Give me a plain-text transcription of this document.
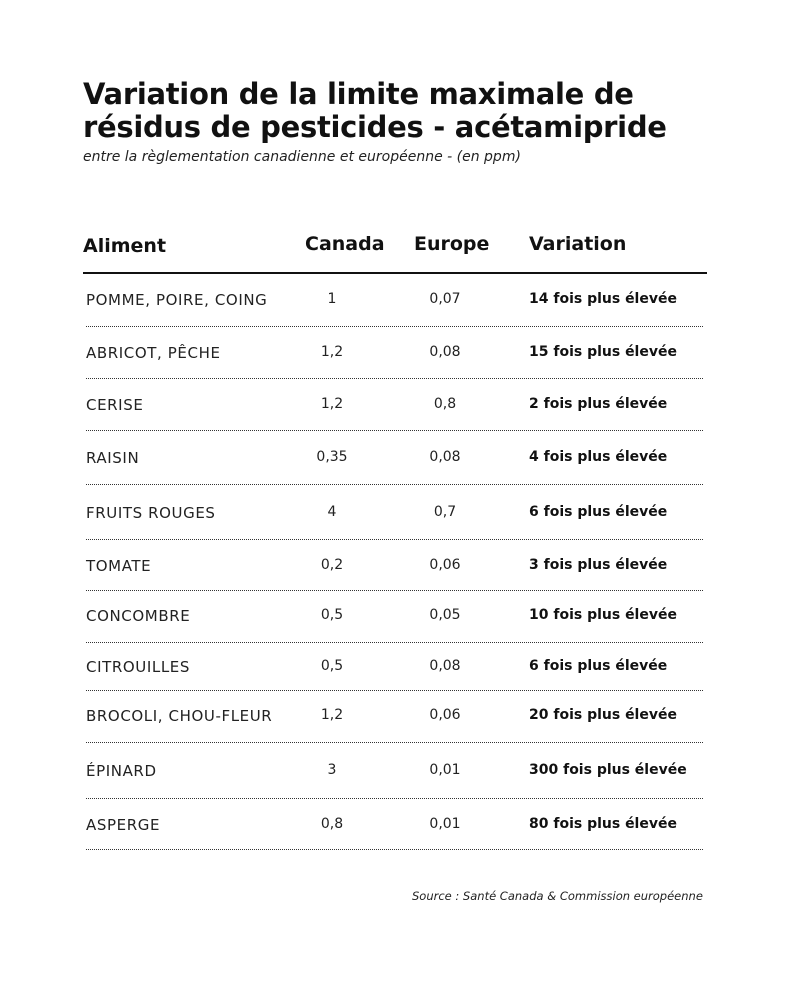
Variation de la limite maximale de résidus de pesticides - acétamipride
entre la règlementation canadienne et européenne - (en ppm)
Aliment	Canada Europe Variation
POMME, POIRE, COING	1	0,07	14 fois plus élevée
ABRICOT, PÊCHE	1,2	0,08	15 fois plus élevée
CERISE	1,2	0,8	2 fois plus élevée
RAISIN	0,35	0,08	4 fois plus élevée
FRUITS ROUGES	4	0,7	6 fois plus élevée
TOMATE	0,2	0,06	3 fois plus élevée
CONCOMBRE	0,5	0,05	10 fois plus élevée
CITROUILLES	0,5	0,08	6 fois plus élevée
BROCOLI, CHOU-FLEUR	1,2	0,06	20 fois plus élevée
ÉPINARD	3	0,01	300 fois plus élevée
ASPERGE	0,8	0,01	80 fois plus élevée
Source : Santé Canada & Commission européenne
